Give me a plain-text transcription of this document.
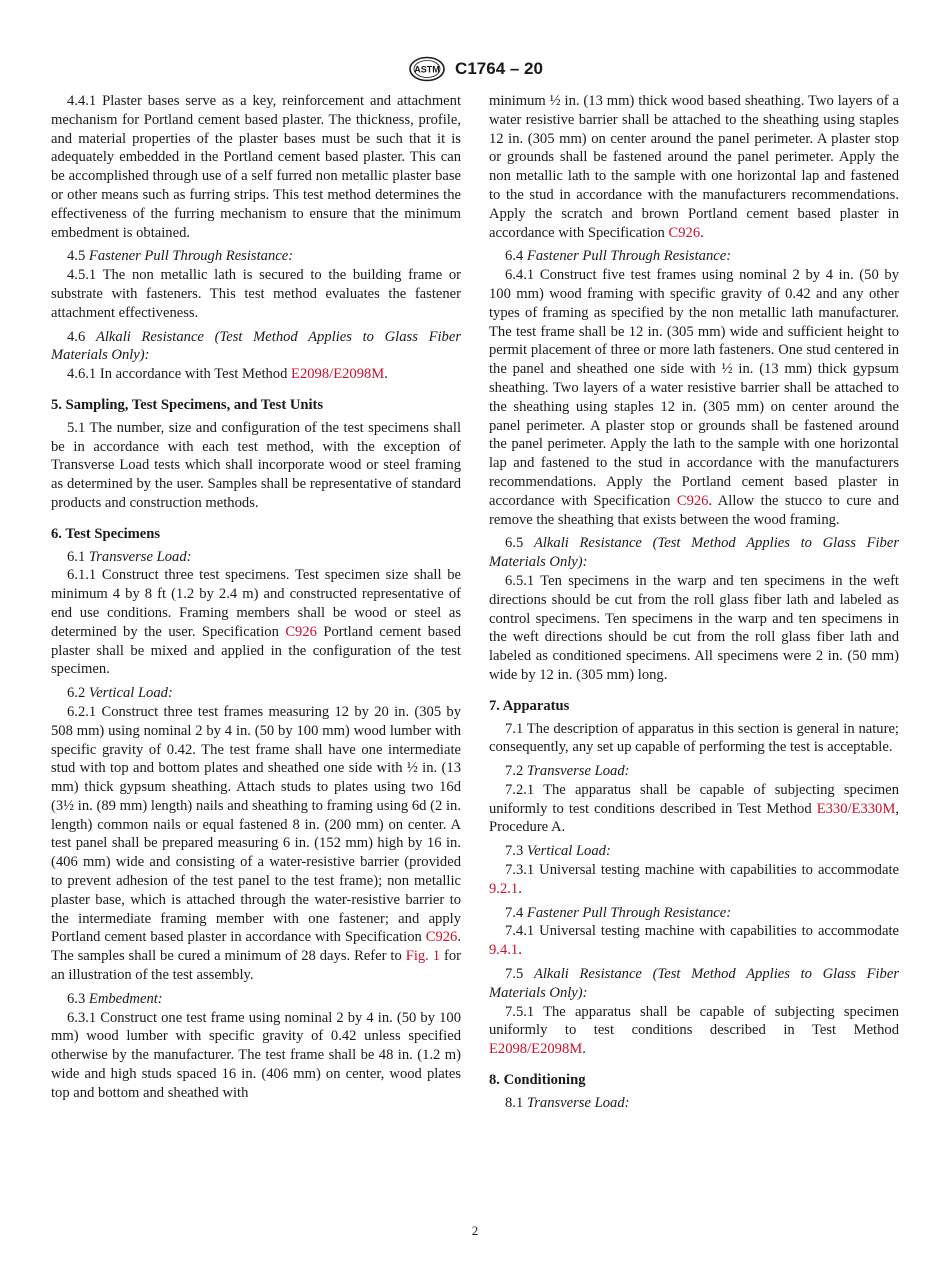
ASTM C1764 – 20

4.4.1 Plaster bases serve as a key, reinforcement and attachment mechanism for Portland cement based plaster. The thickness, profile, and material properties of the plaster bases must be such that it is adequately embedded in the Portland cement based plaster. This can be accomplished through use of a self furred non metallic plaster base or other means such as furring strips. This test method determines the effectiveness of the furring mechanism to ensure that the minimum embedment is obtained.

4.5 Fastener Pull Through Resistance:

4.5.1 The non metallic lath is secured to the building frame or substrate with fasteners. This test method evaluates the fastener attachment effectiveness.

4.6 Alkali Resistance (Test Method Applies to Glass Fiber Materials Only):

4.6.1 In accordance with Test Method E2098/E2098M.

5. Sampling, Test Specimens, and Test Units

5.1 The number, size and configuration of the test specimens shall be in accordance with each test method, with the exception of Transverse Load tests which shall incorporate wood or steel framing as determined by the user. Samples shall be representative of standard products and construction methods.

6. Test Specimens

6.1 Transverse Load:

6.1.1 Construct three test specimens. Test specimen size shall be minimum 4 by 8 ft (1.2 by 2.4 m) and constructed representative of end use conditions. Framing members shall be wood or steel as determined by the user. Specification C926 Portland cement based plaster shall be mixed and applied in the configuration of the test specimen.

6.2 Vertical Load:

6.2.1 Construct three test frames measuring 12 by 20 in. (305 by 508 mm) using nominal 2 by 4 in. (50 by 100 mm) wood lumber with specific gravity of 0.42. The test frame shall have one intermediate stud with top and bottom plates and sheathed one side with ½ in. (13 mm) thick gypsum sheathing. Attach studs to plates using two 16d (3½ in. (89 mm) length) nails and sheathing to framing using 6d (2 in. length) common nails or equal fastened 8 in. (200 mm) on center. A test panel shall be prepared measuring 6 in. (152 mm) high by 16 in. (406 mm) wide and consisting of a water-resistive barrier (provided to prevent adhesion of the test panel to the test frame); non metallic plaster base, which is attached through the water-resistive barrier to the intermediate framing member with one fastener; and apply Portland cement based plaster in accordance with Specification C926. The samples shall be cured a minimum of 28 days. Refer to Fig. 1 for an illustration of the test assembly.

6.3 Embedment:

6.3.1 Construct one test frame using nominal 2 by 4 in. (50 by 100 mm) wood lumber with specific gravity of 0.42 unless specified otherwise by the manufacturer. The test frame shall be 48 in. (1.2 m) wide and high studs spaced 16 in. (406 mm) on center, wood plates top and bottom and sheathed with

minimum ½ in. (13 mm) thick wood based sheathing. Two layers of a water resistive barrier shall be attached to the sheathing using staples 12 in. (305 mm) on center around the panel perimeter. A plaster stop or grounds shall be fastened around the panel perimeter. Apply the non metallic lath to the sample with one horizontal lap and fastened to the stud in accordance with the manufacturers recommendations. Apply the scratch and brown Portland cement based plaster in accordance with Specification C926.

6.4 Fastener Pull Through Resistance:

6.4.1 Construct five test frames using nominal 2 by 4 in. (50 by 100 mm) wood framing with specific gravity of 0.42 and any other types of framing as specified by the non metallic lath manufacturer. The test frame shall be 12 in. (305 mm) wide and sufficient height to permit placement of three or more lath fasteners. One stud centered in the panel and sheathed one side with ½ in. (13 mm) thick gypsum sheathing. Two layers of a water resistive barrier shall be attached to the sheathing using staples 12 in. (305 mm) on center around the panel perimeter. A plaster stop or grounds shall be fastened around the panel perimeter. Apply the lath to the sample with one horizontal lap and fastened to the stud in accordance with the manufacturers recommendations. Apply the Portland cement based plaster in accordance with Specification C926. Allow the stucco to cure and remove the sheathing that exists between the wood framing.

6.5 Alkali Resistance (Test Method Applies to Glass Fiber Materials Only):

6.5.1 Ten specimens in the warp and ten specimens in the weft directions should be cut from the roll glass fiber lath and labeled as control specimens. Ten specimens in the warp and ten specimens in the weft directions should be cut from the roll glass fiber lath and labeled as conditioned specimens. All specimens were 2 in. (50 mm) wide by 12 in. (305 mm) long.

7. Apparatus

7.1 The description of apparatus in this section is general in nature; consequently, any set up capable of performing the test is acceptable.

7.2 Transverse Load:

7.2.1 The apparatus shall be capable of subjecting specimen uniformly to test conditions described in Test Method E330/E330M, Procedure A.

7.3 Vertical Load:

7.3.1 Universal testing machine with capabilities to accommodate 9.2.1.

7.4 Fastener Pull Through Resistance:

7.4.1 Universal testing machine with capabilities to accommodate 9.4.1.

7.5 Alkali Resistance (Test Method Applies to Glass Fiber Materials Only):

7.5.1 The apparatus shall be capable of subjecting specimen uniformly to test conditions described in Test Method E2098/E2098M.

8. Conditioning

8.1 Transverse Load:

2
